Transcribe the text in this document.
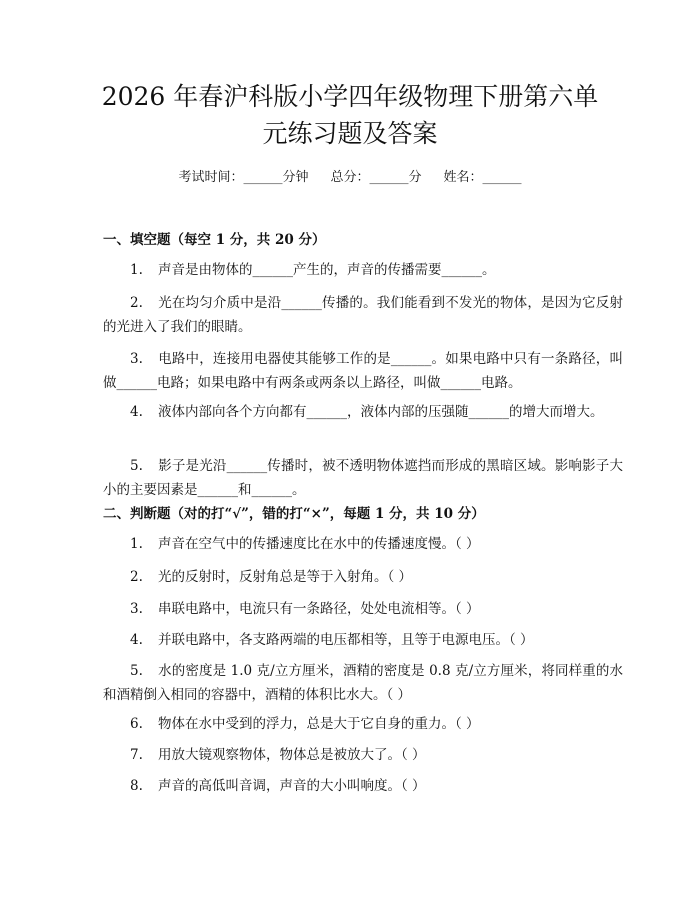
2026 年春沪科版小学四年级物理下册第六单
元练习题及答案
考试时间：______分钟 总分：______分 姓名：______
一、填空题（每空 1 分，共 20 分）

1. 声音是由物体的______产生的，声音的传播需要______。

2. 光在均匀介质中是沿______传播的。我们能看到不发光的物体，是因为它反射的光进入了我们的眼睛。

3. 电路中，连接用电器使其能够工作的是______。如果电路中只有一条路径，叫做______电路；如果电路中有两条或两条以上路径，叫做______电路。

4. 液体内部向各个方向都有______，液体内部的压强随______的增大而增大。

5. 影子是光沿______传播时，被不透明物体遮挡而形成的黑暗区域。影响影子大小的主要因素是______和______。

二、判断题（对的打“√”，错的打“×”，每题 1 分，共 10 分）

1. 声音在空气中的传播速度比在水中的传播速度慢。（ ）

2. 光的反射时，反射角总是等于入射角。（ ）

3. 串联电路中，电流只有一条路径，处处电流相等。（ ）

4. 并联电路中，各支路两端的电压都相等，且等于电源电压。（ ）

5. 水的密度是 1.0 克/立方厘米，酒精的密度是 0.8 克/立方厘米，将同样重的水和酒精倒入相同的容器中，酒精的体积比水大。（ ）

6. 物体在水中受到的浮力，总是大于它自身的重力。（ ）

7. 用放大镜观察物体，物体总是被放大了。（ ）

8. 声音的高低叫音调，声音的大小叫响度。（ ）
